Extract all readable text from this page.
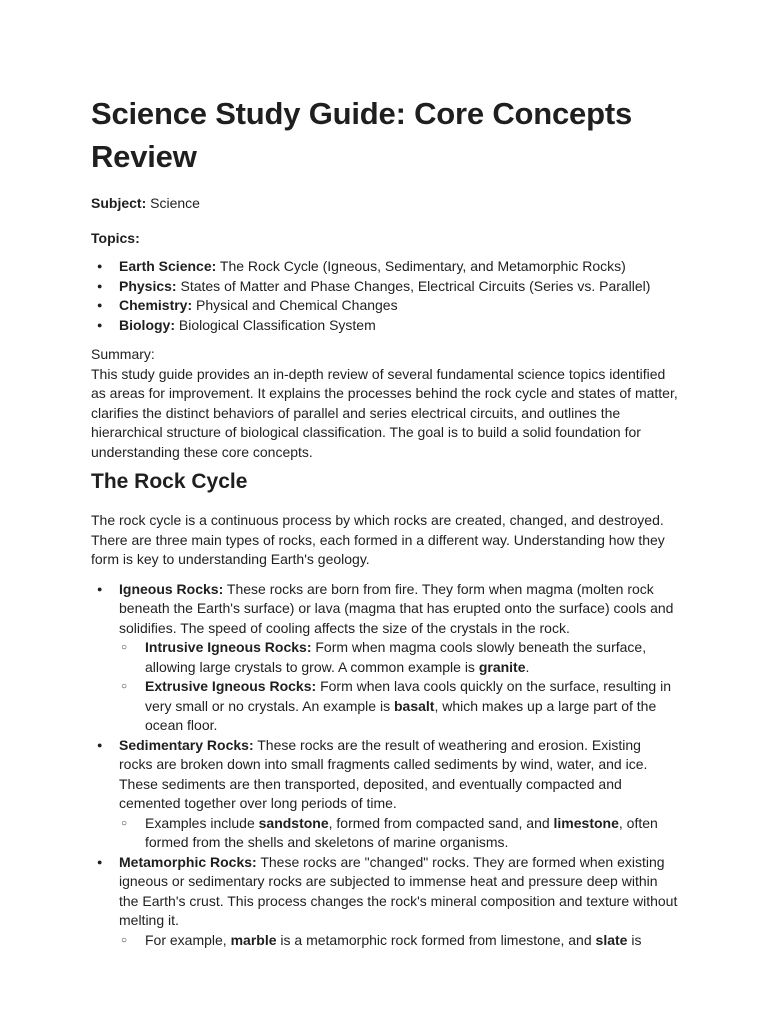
Science Study Guide: Core Concepts Review

Subject: Science

Topics:

● Earth Science: The Rock Cycle (Igneous, Sedimentary, and Metamorphic Rocks)
● Physics: States of Matter and Phase Changes, Electrical Circuits (Series vs. Parallel)
● Chemistry: Physical and Chemical Changes
● Biology: Biological Classification System

Summary:

This study guide provides an in-depth review of several fundamental science topics identified as areas for improvement. It explains the processes behind the rock cycle and states of matter, clarifies the distinct behaviors of parallel and series electrical circuits, and outlines the hierarchical structure of biological classification. The goal is to build a solid foundation for understanding these core concepts.

The Rock Cycle

The rock cycle is a continuous process by which rocks are created, changed, and destroyed. There are three main types of rocks, each formed in a different way. Understanding how they form is key to understanding Earth's geology.

● Igneous Rocks: These rocks are born from fire. They form when magma (molten rock beneath the Earth's surface) or lava (magma that has erupted onto the surface) cools and solidifies. The speed of cooling affects the size of the crystals in the rock.
○ Intrusive Igneous Rocks: Form when magma cools slowly beneath the surface, allowing large crystals to grow. A common example is granite.
○ Extrusive Igneous Rocks: Form when lava cools quickly on the surface, resulting in very small or no crystals. An example is basalt, which makes up a large part of the ocean floor.
● Sedimentary Rocks: These rocks are the result of weathering and erosion. Existing rocks are broken down into small fragments called sediments by wind, water, and ice. These sediments are then transported, deposited, and eventually compacted and cemented together over long periods of time.
○ Examples include sandstone, formed from compacted sand, and limestone, often formed from the shells and skeletons of marine organisms.
● Metamorphic Rocks: These rocks are "changed" rocks. They are formed when existing igneous or sedimentary rocks are subjected to immense heat and pressure deep within the Earth's crust. This process changes the rock's mineral composition and texture without melting it.
○ For example, marble is a metamorphic rock formed from limestone, and slate is
